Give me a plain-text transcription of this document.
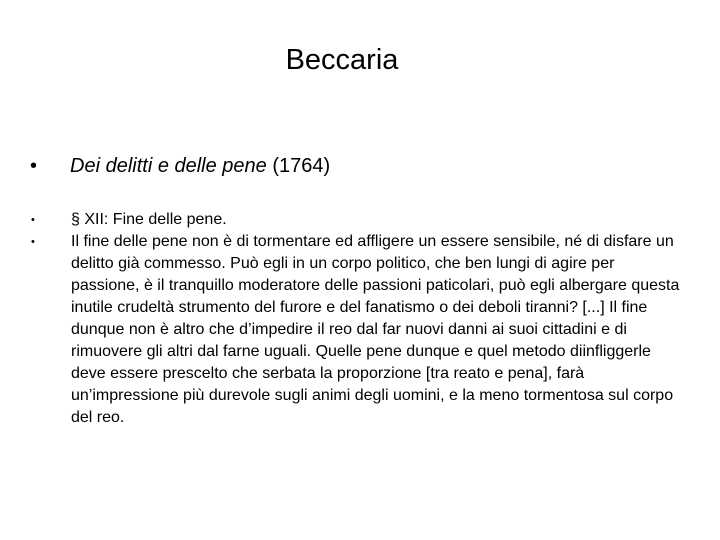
Beccaria
•	Dei delitti e delle pene (1764)
•	§ XII: Fine delle pene.
•	Il fine delle pene non è di tormentare ed affligere un essere sensibile, né di disfare un delitto già commesso. Può egli in un corpo politico, che ben lungi di agire per passione, è il tranquillo moderatore delle passioni paticolari, può egli albergare questa inutile crudeltà strumento del furore e del fanatismo o dei deboli tiranni? [...] Il fine dunque non è altro che d’impedire il reo dal far nuovi danni ai suoi cittadini e di rimuovere gli altri dal farne uguali. Quelle pene dunque e quel metodo diinfliggerle deve essere prescelto che serbata la proporzione [tra reato e pena], farà un’impressione più durevole sugli animi degli uomini, e la meno tormentosa sul corpo del reo.
